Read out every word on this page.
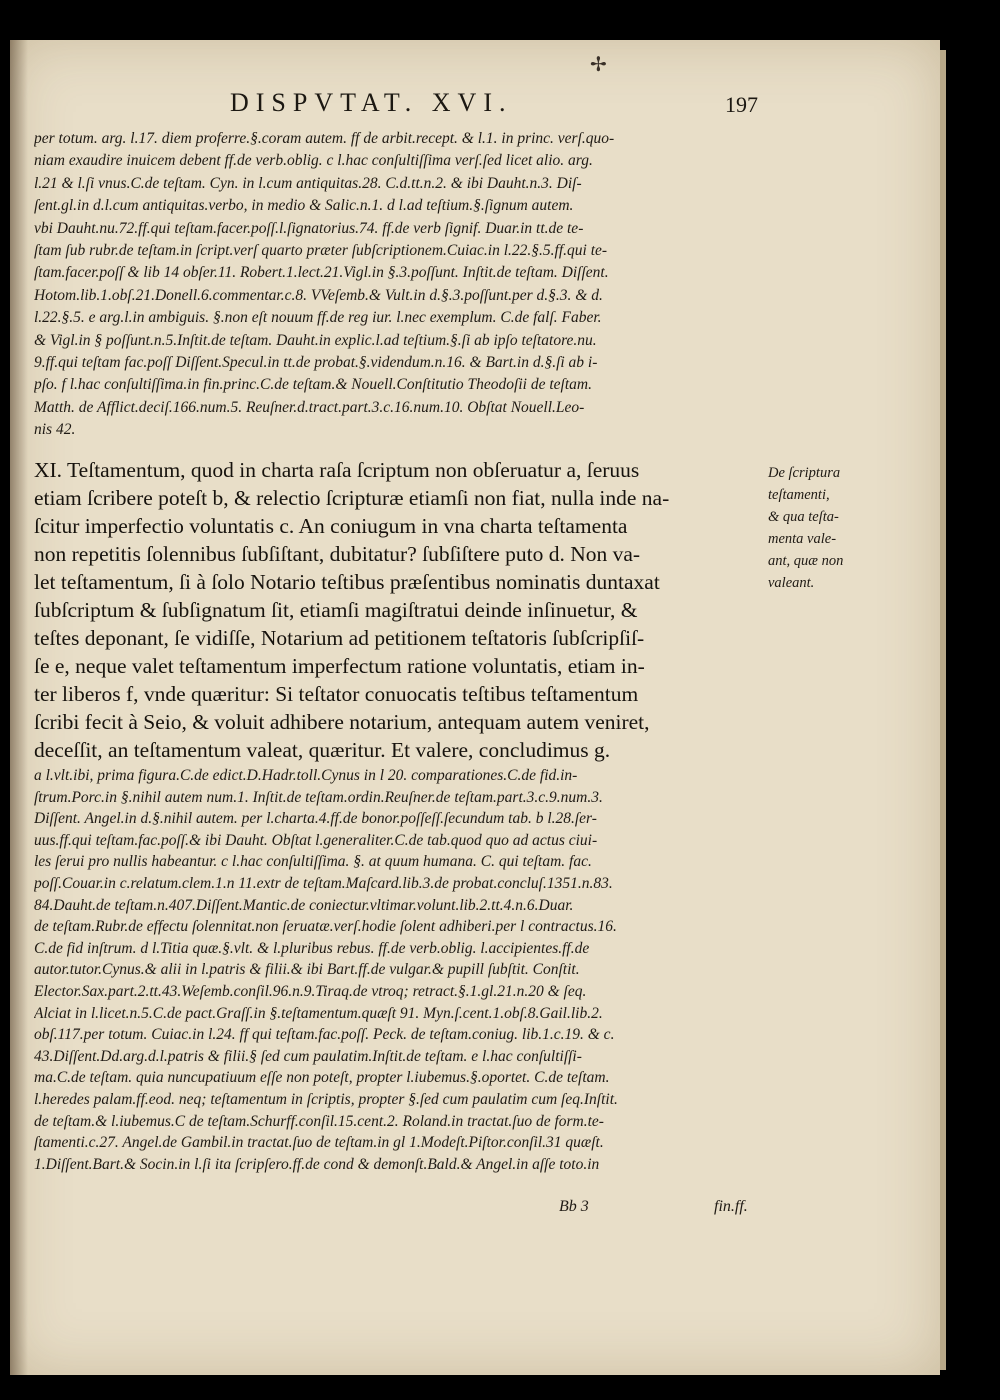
✢
DISPVTAT. XVI.	197
per totum. arg. l.17. diem proferre.§.coram autem. ff de arbit.recept. & l.1. in princ. verſ.quo-
niam exaudire inuicem debent ff.de verb.oblig. c l.hac conſultiſſima verſ.ſed licet alio. arg.
l.21 & l.ſi vnus.C.de teſtam. Cyn. in l.cum antiquitas.28. C.d.tt.n.2. & ibi Dauht.n.3. Diſ-
ſent.gl.in d.l.cum antiquitas.verbo, in medio & Salic.n.1. d l.ad teſtium.§.ſignum autem.
vbi Dauht.nu.72.ff.qui teſtam.facer.poſſ.l.ſignatorius.74. ff.de verb ſignif. Duar.in tt.de te-
ſtam ſub rubr.de teſtam.in ſcript.verſ quarto præter ſubſcriptionem.Cuiac.in l.22.§.5.ff.qui te-
ſtam.facer.poſſ & lib 14 obſer.11. Robert.1.lect.21.Vigl.in §.3.poſſunt. Inſtit.de teſtam. Diſſent.
Hotom.lib.1.obſ.21.Donell.6.commentar.c.8. VVeſemb.& Vult.in d.§.3.poſſunt.per d.§.3. & d.
l.22.§.5. e arg.l.in ambiguis. §.non eſt nouum ff.de reg iur. l.nec exemplum. C.de falſ. Faber.
& Vigl.in § poſſunt.n.5.Inſtit.de teſtam. Dauht.in explic.l.ad teſtium.§.ſi ab ipſo teſtatore.nu.
9.ff.qui teſtam fac.poſſ Diſſent.Specul.in tt.de probat.§.videndum.n.16. & Bart.in d.§.ſi ab i-
pſo. f l.hac conſultiſſima.in fin.princ.C.de teſtam.& Nouell.Conſtitutio Theodoſii de teſtam.
Matth. de Afflict.deciſ.166.num.5. Reuſner.d.tract.part.3.c.16.num.10. Obſtat Nouell.Leo-
nis 42.
XI. Teſtamentum, quod in charta raſa ſcriptum non obſeruatur a, ſeruus
etiam ſcribere poteſt b, & relectio ſcripturæ etiamſi non fiat, nulla inde na-
ſcitur imperfectio voluntatis c. An coniugum in vna charta teſtamenta
non repetitis ſolennibus ſubſiſtant, dubitatur? ſubſiſtere puto d. Non va-
let teſtamentum, ſi à ſolo Notario teſtibus præſentibus nominatis duntaxat
ſubſcriptum & ſubſignatum ſit, etiamſi magiſtratui deinde inſinuetur, &
teſtes deponant, ſe vidiſſe, Notarium ad petitionem teſtatoris ſubſcripſiſ-
ſe e, neque valet teſtamentum imperfectum ratione voluntatis, etiam in-
ter liberos f, vnde quæritur: Si teſtator conuocatis teſtibus teſtamentum
ſcribi fecit à Seio, & voluit adhibere notarium, antequam autem veniret,
deceſſit, an teſtamentum valeat, quæritur. Et valere, concludimus g.
De ſcriptura
teſtamenti,
& qua teſta-
menta vale-
ant, quæ non
valeant.
a l.vlt.ibi, prima figura.C.de edict.D.Hadr.toll.Cynus in l 20. comparationes.C.de fid.in-
ſtrum.Porc.in §.nihil autem num.1. Inſtit.de teſtam.ordin.Reuſner.de teſtam.part.3.c.9.num.3.
Diſſent. Angel.in d.§.nihil autem. per l.charta.4.ff.de bonor.poſſeſſ.ſecundum tab. b l.28.ſer-
uus.ff.qui teſtam.fac.poſſ.& ibi Dauht. Obſtat l.generaliter.C.de tab.quod quo ad actus ciui-
les ſerui pro nullis habeantur. c l.hac conſultiſſima. §. at quum humana. C. qui teſtam. fac.
poſſ.Couar.in c.relatum.clem.1.n 11.extr de teſtam.Maſcard.lib.3.de probat.concluſ.1351.n.83.
84.Dauht.de teſtam.n.407.Diſſent.Mantic.de coniectur.vltimar.volunt.lib.2.tt.4.n.6.Duar.
de teſtam.Rubr.de effectu ſolennitat.non ſeruatæ.verſ.hodie ſolent adhiberi.per l contractus.16.
C.de fid inſtrum. d l.Titia quæ.§.vlt. & l.pluribus rebus. ff.de verb.oblig. l.accipientes.ff.de
autor.tutor.Cynus.& alii in l.patris & filii.& ibi Bart.ff.de vulgar.& pupill ſubſtit. Conſtit.
Elector.Sax.part.2.tt.43.Weſemb.conſil.96.n.9.Tiraq.de vtroq; retract.§.1.gl.21.n.20 & ſeq.
Alciat in l.licet.n.5.C.de pact.Graſſ.in §.teſtamentum.quæſt 91. Myn.ſ.cent.1.obſ.8.Gail.lib.2.
obſ.117.per totum. Cuiac.in l.24. ff qui teſtam.fac.poſſ. Peck. de teſtam.coniug. lib.1.c.19. & c.
43.Diſſent.Dd.arg.d.l.patris & filii.§ ſed cum paulatim.Inſtit.de teſtam. e l.hac conſultiſſi-
ma.C.de teſtam. quia nuncupatiuum eſſe non poteſt, propter l.iubemus.§.oportet. C.de teſtam.
l.heredes palam.ff.eod. neq; teſtamentum in ſcriptis, propter §.ſed cum paulatim cum ſeq.Inſtit.
de teſtam.& l.iubemus.C de teſtam.Schurff.conſil.15.cent.2. Roland.in tractat.ſuo de form.te-
ſtamenti.c.27. Angel.de Gambil.in tractat.ſuo de teſtam.in gl 1.Modeſt.Piſtor.conſil.31 quæſt.
1.Diſſent.Bart.& Socin.in l.ſi ita ſcripſero.ff.de cond & demonſt.Bald.& Angel.in aſſe toto.in
Bb 3	fin.ff.
